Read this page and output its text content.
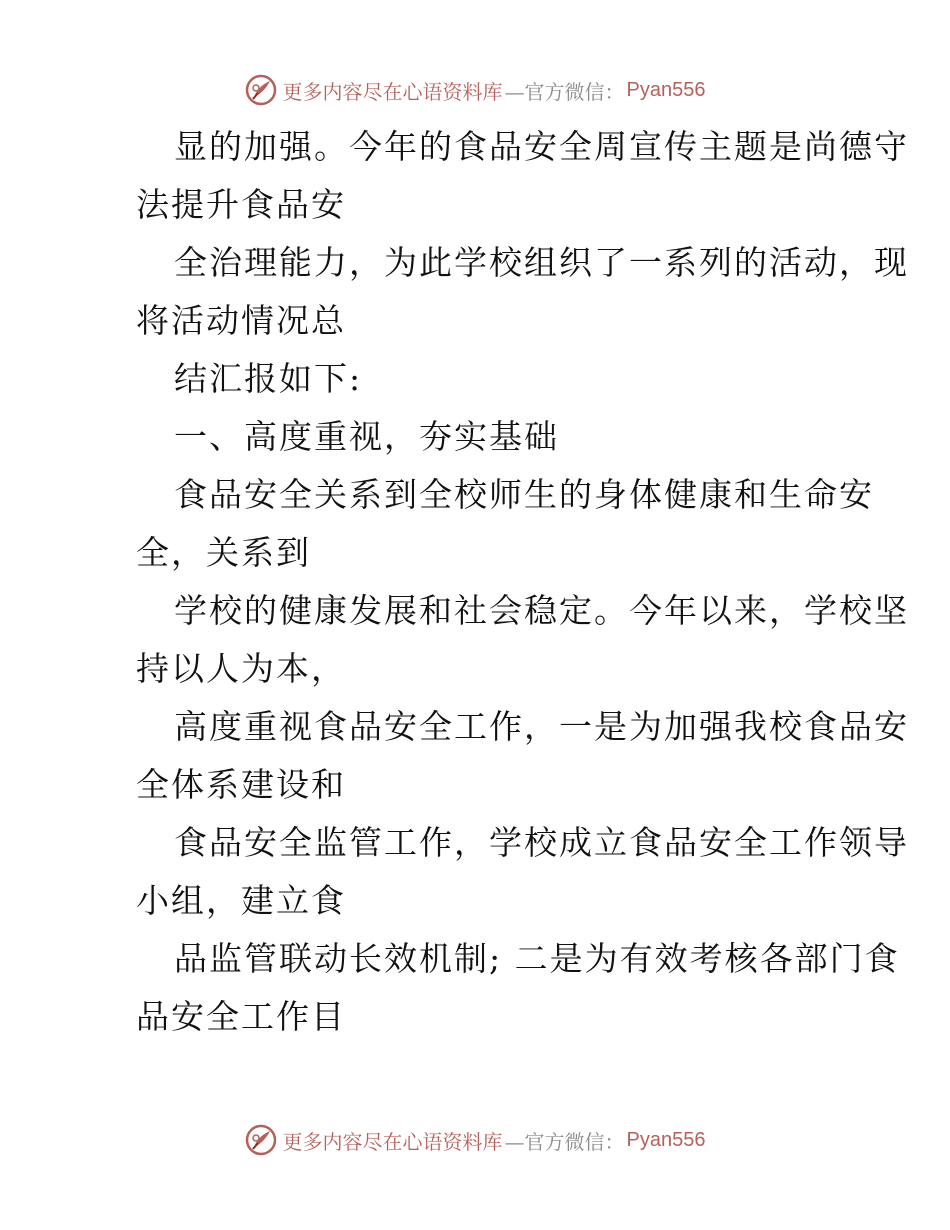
更多内容尽在心语资料库 —官方微信： Pyan556
显的加强。今年的食品安全周宣传主题是尚德守
法提升食品安
全治理能力，为此学校组织了一系列的活动，现
将活动情况总
结汇报如下:
一、高度重视，夯实基础
食品安全关系到全校师生的身体健康和生命安
全，关系到
学校的健康发展和社会稳定。今年以来，学校坚
持以人为本，
高度重视食品安全工作，一是为加强我校食品安
全体系建设和
食品安全监管工作，学校成立食品安全工作领导
小组，建立食
品监管联动长效机制; 二是为有效考核各部门食
品安全工作目
更多内容尽在心语资料库 —官方微信： Pyan556
